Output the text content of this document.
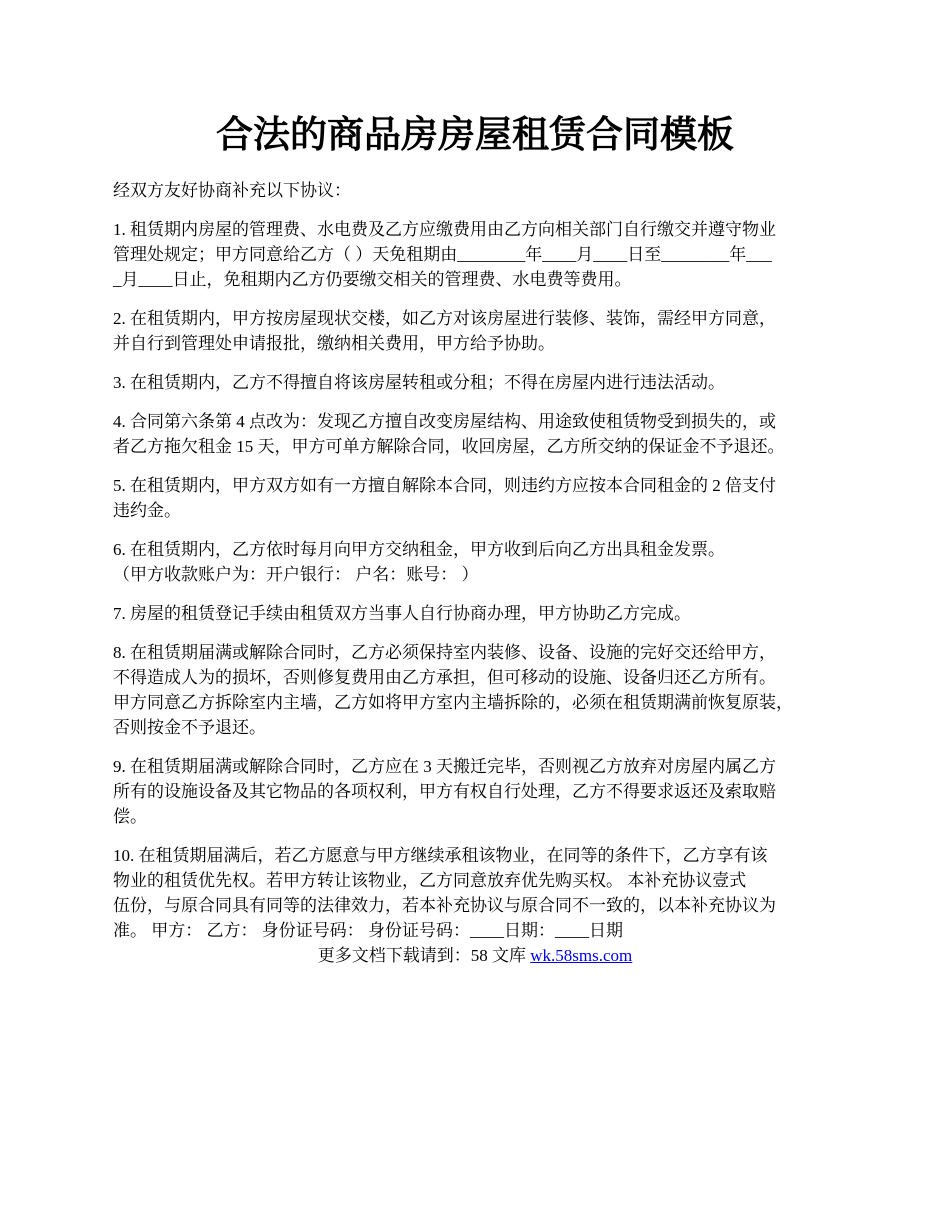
合法的商品房房屋租赁合同模板

经双方友好协商补充以下协议：

1. 租赁期内房屋的管理费、水电费及乙方应缴费用由乙方向相关部门自行缴交并遵守物业
管理处规定；甲方同意给乙方（ ）天免租期由________年____月____日至________年___
_月____日止，免租期内乙方仍要缴交相关的管理费、水电费等费用。

2. 在租赁期内，甲方按房屋现状交楼，如乙方对该房屋进行装修、装饰，需经甲方同意，
并自行到管理处申请报批，缴纳相关费用，甲方给予协助。

3. 在租赁期内，乙方不得擅自将该房屋转租或分租；不得在房屋内进行违法活动。

4. 合同第六条第 4 点改为：发现乙方擅自改变房屋结构、用途致使租赁物受到损失的，或
者乙方拖欠租金 15 天，甲方可单方解除合同，收回房屋，乙方所交纳的保证金不予退还。

5. 在租赁期内，甲方双方如有一方擅自解除本合同，则违约方应按本合同租金的 2 倍支付
违约金。

6. 在租赁期内，乙方依时每月向甲方交纳租金，甲方收到后向乙方出具租金发票。
（甲方收款账户为：开户银行： 户名：账号： ）

7. 房屋的租赁登记手续由租赁双方当事人自行协商办理，甲方协助乙方完成。

8. 在租赁期届满或解除合同时，乙方必须保持室内装修、设备、设施的完好交还给甲方，
不得造成人为的损坏，否则修复费用由乙方承担，但可移动的设施、设备归还乙方所有。
甲方同意乙方拆除室内主墙，乙方如将甲方室内主墙拆除的，必须在租赁期满前恢复原装，
否则按金不予退还。

9. 在租赁期届满或解除合同时，乙方应在 3 天搬迁完毕，否则视乙方放弃对房屋内属乙方
所有的设施设备及其它物品的各项权利，甲方有权自行处理，乙方不得要求返还及索取赔
偿。

10. 在租赁期届满后，若乙方愿意与甲方继续承租该物业，在同等的条件下，乙方享有该
物业的租赁优先权。若甲方转让该物业，乙方同意放弃优先购买权。 本补充协议壹式
伍份，与原合同具有同等的法律效力，若本补充协议与原合同不一致的，以本补充协议为
准。 甲方： 乙方： 身份证号码： 身份证号码：____日期：____日期

更多文档下载请到：58 文库 wk.58sms.com
